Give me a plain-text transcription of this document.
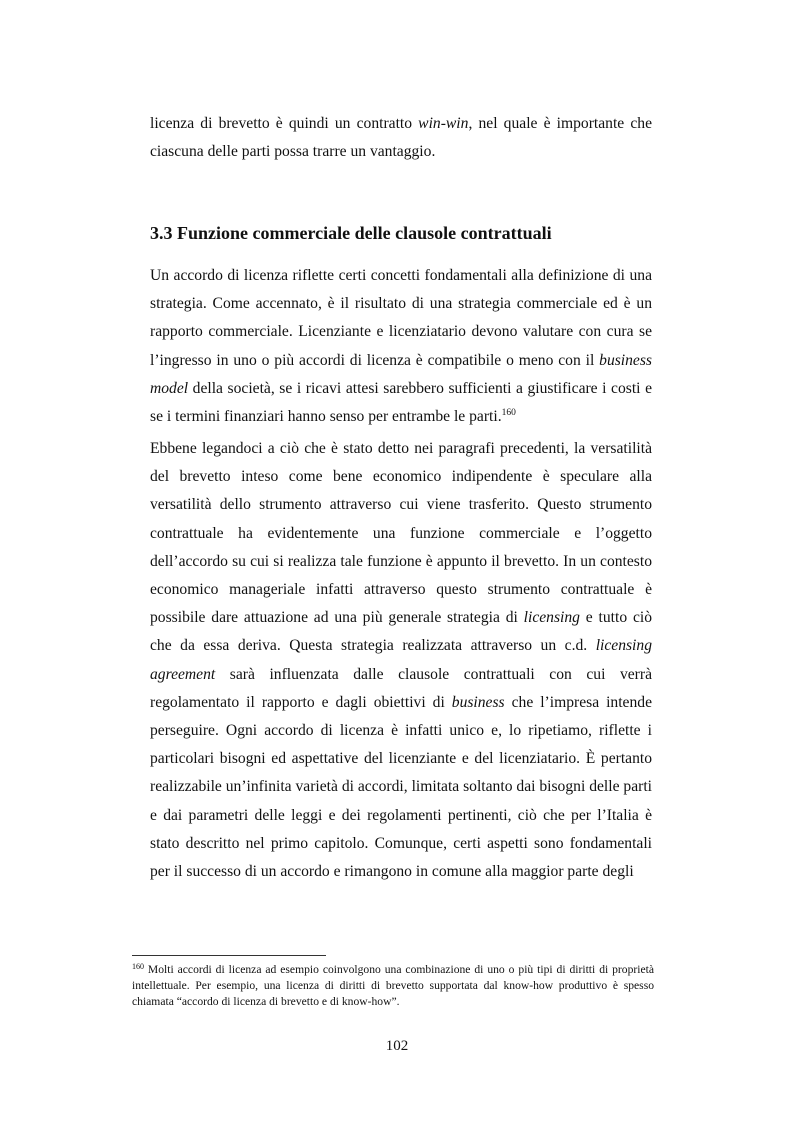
licenza di brevetto è quindi un contratto win-win, nel quale è importante che ciascuna delle parti possa trarre un vantaggio.

3.3 Funzione commerciale delle clausole contrattuali

Un accordo di licenza riflette certi concetti fondamentali alla definizione di una strategia. Come accennato, è il risultato di una strategia commerciale ed è un rapporto commerciale. Licenziante e licenziatario devono valutare con cura se l’ingresso in uno o più accordi di licenza è compatibile o meno con il business model della società, se i ricavi attesi sarebbero sufficienti a giustificare i costi e se i termini finanziari hanno senso per entrambe le parti.$^{160}$

Ebbene legandoci a ciò che è stato detto nei paragrafi precedenti, la versatilità del brevetto inteso come bene economico indipendente è speculare alla versatilità dello strumento attraverso cui viene trasferito. Questo strumento contrattuale ha evidentemente una funzione commerciale e l’oggetto dell’accordo su cui si realizza tale funzione è appunto il brevetto. In un contesto economico manageriale infatti attraverso questo strumento contrattuale è possibile dare attuazione ad una più generale strategia di licensing e tutto ciò che da essa deriva. Questa strategia realizzata attraverso un c.d. licensing agreement sarà influenzata dalle clausole contrattuali con cui verrà regolamentato il rapporto e dagli obiettivi di business che l’impresa intende perseguire. Ogni accordo di licenza è infatti unico e, lo ripetiamo, riflette i particolari bisogni ed aspettative del licenziante e del licenziatario. È pertanto realizzabile un’infinita varietà di accordi, limitata soltanto dai bisogni delle parti e dai parametri delle leggi e dei regolamenti pertinenti, ciò che per l’Italia è stato descritto nel primo capitolo. Comunque, certi aspetti sono fondamentali per il successo di un accordo e rimangono in comune alla maggior parte degli

$^{160}$ Molti accordi di licenza ad esempio coinvolgono una combinazione di uno o più tipi di diritti di proprietà intellettuale. Per esempio, una licenza di diritti di brevetto supportata dal know-how produttivo è spesso chiamata “accordo di licenza di brevetto e di know-how”.

102
